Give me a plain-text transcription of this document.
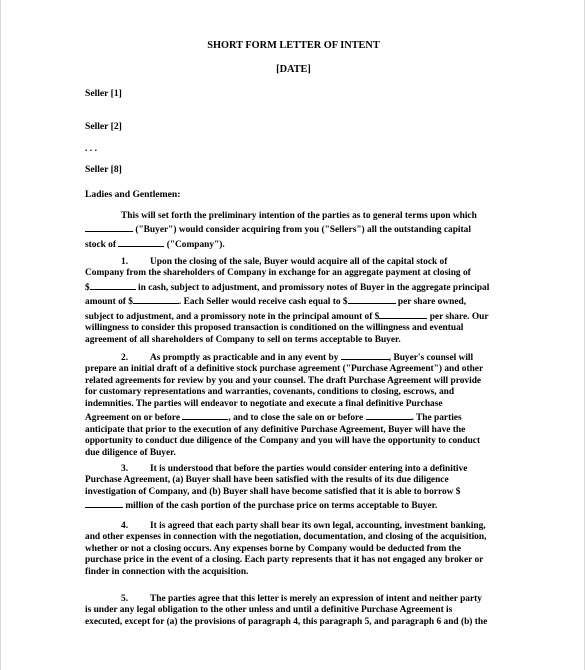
SHORT FORM LETTER OF INTENT
[DATE]
Seller [1]
Seller [2]
. . .
Seller [8]
Ladies and Gentlemen:
This will set forth the preliminary intention of the parties as to general terms upon which
("Buyer") would consider acquiring from you ("Sellers") all the outstanding capital
stock of	("Company").
1. Upon the closing of the sale, Buyer would acquire all of the capital stock of
Company from the shareholders of Company in exchange for an aggregate payment at closing of
$	in cash, subject to adjustment, and promissory notes of Buyer in the aggregate principal
amount of $	. Each Seller would receive cash equal to $	per share owned,
subject to adjustment, and a promissory note in the principal amount of $	per share. Our
willingness to consider this proposed transaction is conditioned on the willingness and eventual
agreement of all shareholders of Company to sell on terms acceptable to Buyer.
2. As promptly as practicable and in any event by	, Buyer's counsel will
prepare an initial draft of a definitive stock purchase agreement ("Purchase Agreement") and other
related agreements for review by you and your counsel. The draft Purchase Agreement will provide
for customary representations and warranties, covenants, conditions to closing, escrows, and
indemnities. The parties will endeavor to negotiate and execute a final definitive Purchase
Agreement on or before	, and to close the sale on or before	. The parties
anticipate that prior to the execution of any definitive Purchase Agreement, Buyer will have the
opportunity to conduct due diligence of the Company and you will have the opportunity to conduct
due diligence of Buyer.
3. It is understood that before the parties would consider entering into a definitive
Purchase Agreement, (a) Buyer shall have been satisfied with the results of its due diligence
investigation of Company, and (b) Buyer shall have become satisfied that it is able to borrow $
million of the cash portion of the purchase price on terms acceptable to Buyer.
4. It is agreed that each party shall bear its own legal, accounting, investment banking,
and other expenses in connection with the negotiation, documentation, and closing of the acquisition,
whether or not a closing occurs. Any expenses borne by Company would be deducted from the
purchase price in the event of a closing. Each party represents that it has not engaged any broker or
finder in connection with the acquisition.
5. The parties agree that this letter is merely an expression of intent and neither party
is under any legal obligation to the other unless and until a definitive Purchase Agreement is
executed, except for (a) the provisions of paragraph 4, this paragraph 5, and paragraph 6 and (b) the
